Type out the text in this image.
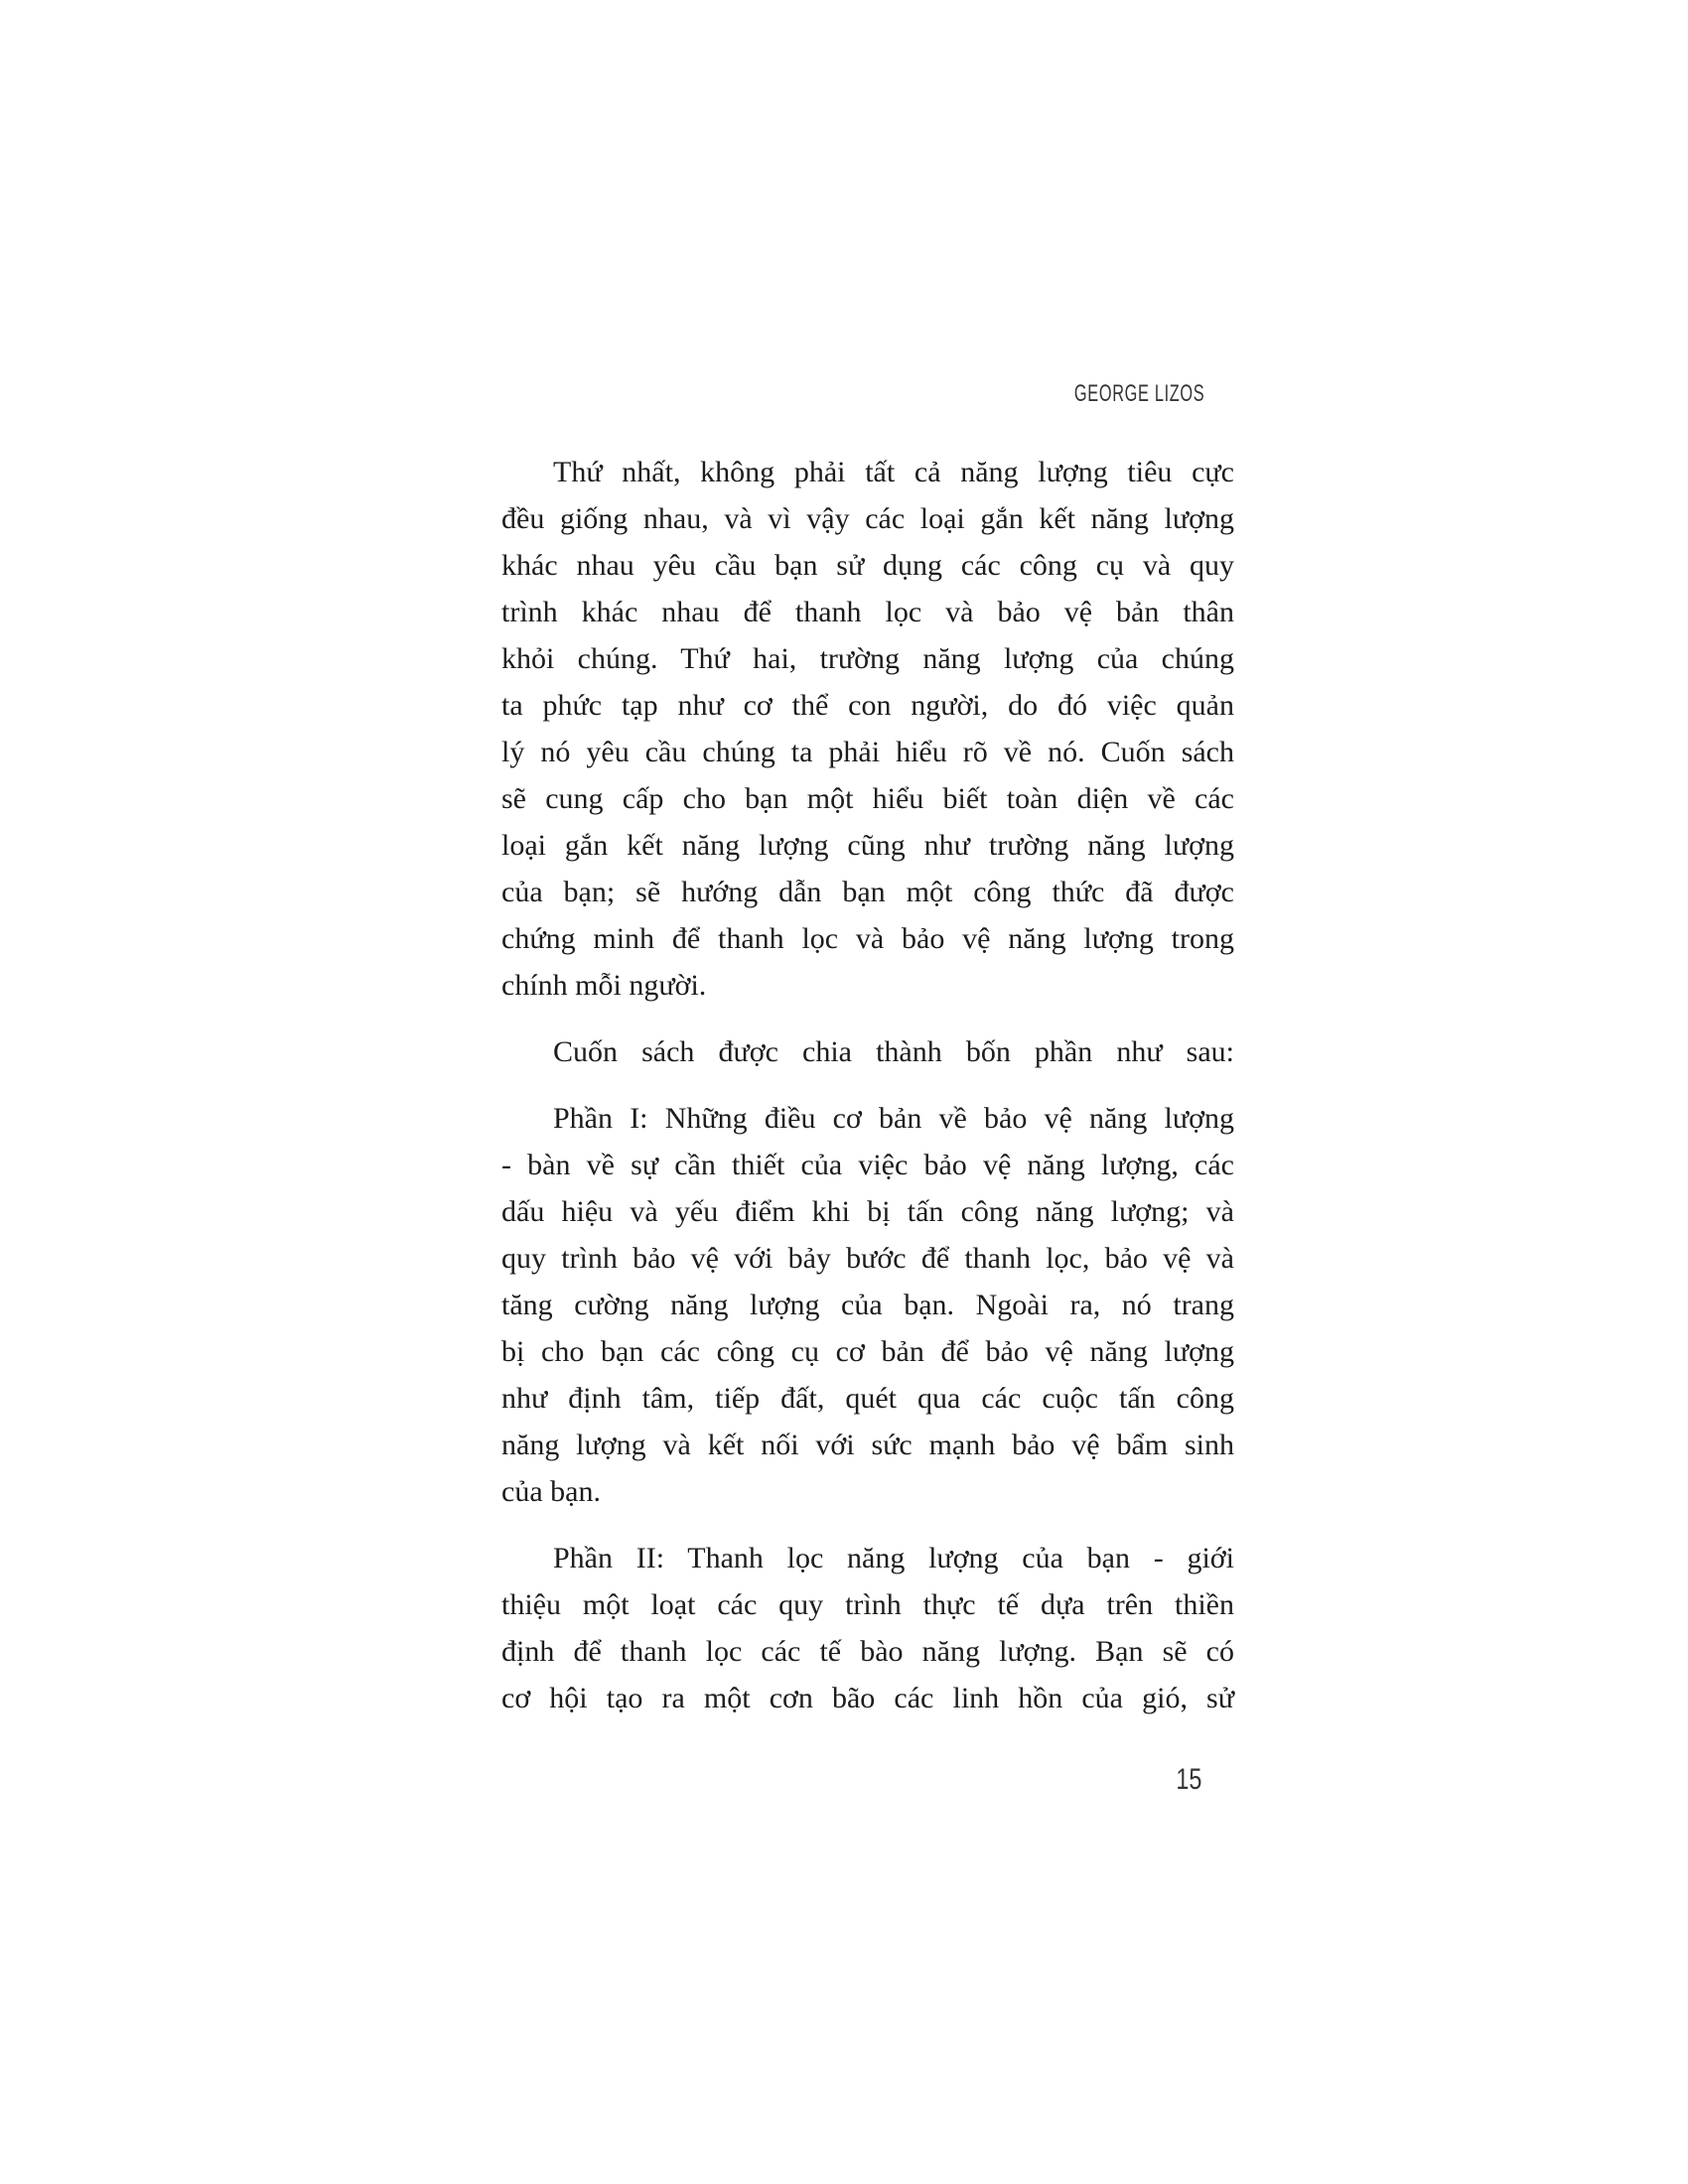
GEORGE LIZOS
Thứ nhất, không phải tất cả năng lượng tiêu cực
đều giống nhau, và vì vậy các loại gắn kết năng lượng
khác nhau yêu cầu bạn sử dụng các công cụ và quy
trình khác nhau để thanh lọc và bảo vệ bản thân
khỏi chúng. Thứ hai, trường năng lượng của chúng
ta phức tạp như cơ thể con người, do đó việc quản
lý nó yêu cầu chúng ta phải hiểu rõ về nó. Cuốn sách
sẽ cung cấp cho bạn một hiểu biết toàn diện về các
loại gắn kết năng lượng cũng như trường năng lượng
của bạn; sẽ hướng dẫn bạn một công thức đã được
chứng minh để thanh lọc và bảo vệ năng lượng trong
chính mỗi người.
Cuốn sách được chia thành bốn phần như sau:
Phần I: Những điều cơ bản về bảo vệ năng lượng
- bàn về sự cần thiết của việc bảo vệ năng lượng, các
dấu hiệu và yếu điểm khi bị tấn công năng lượng; và
quy trình bảo vệ với bảy bước để thanh lọc, bảo vệ và
tăng cường năng lượng của bạn. Ngoài ra, nó trang
bị cho bạn các công cụ cơ bản để bảo vệ năng lượng
như định tâm, tiếp đất, quét qua các cuộc tấn công
năng lượng và kết nối với sức mạnh bảo vệ bẩm sinh
của bạn.
Phần II: Thanh lọc năng lượng của bạn - giới
thiệu một loạt các quy trình thực tế dựa trên thiền
định để thanh lọc các tế bào năng lượng. Bạn sẽ có
cơ hội tạo ra một cơn bão các linh hồn của gió, sử
15
